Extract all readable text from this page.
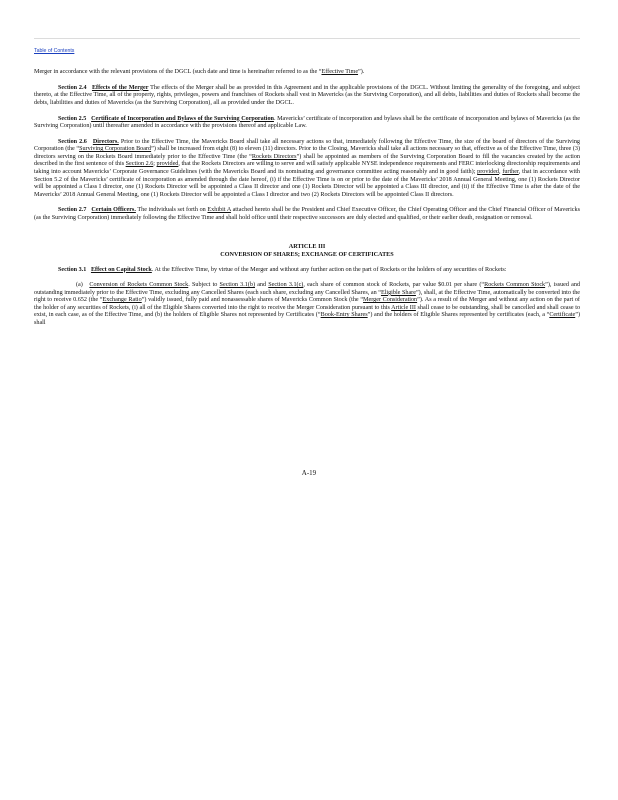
Table of Contents

Merger in accordance with the relevant provisions of the DGCL (such date and time is hereinafter referred to as the “Effective Time”).

Section 2.4 Effects of the Merger The effects of the Merger shall be as provided in this Agreement and in the applicable provisions of the DGCL. Without limiting the generality of the foregoing, and subject thereto, at the Effective Time, all of the property, rights, privileges, powers and franchises of Rockets shall vest in Mavericks (as the Surviving Corporation), and all debts, liabilities and duties of Rockets shall become the debts, liabilities and duties of Mavericks (as the Surviving Corporation), all as provided under the DGCL.

Section 2.5 Certificate of Incorporation and Bylaws of the Surviving Corporation. Mavericks’ certificate of incorporation and bylaws shall be the certificate of incorporation and bylaws of Mavericks (as the Surviving Corporation) until thereafter amended in accordance with the provisions thereof and applicable Law.

Section 2.6 Directors. Prior to the Effective Time, the Mavericks Board shall take all necessary actions so that, immediately following the Effective Time, the size of the board of directors of the Surviving Corporation (the “Surviving Corporation Board”) shall be increased from eight (8) to eleven (11) directors. Prior to the Closing, Mavericks shall take all actions necessary so that, effective as of the Effective Time, three (3) directors serving on the Rockets Board immediately prior to the Effective Time (the “Rockets Directors”) shall be appointed as members of the Surviving Corporation Board to fill the vacancies created by the action described in the first sentence of this Section 2.6; provided, that the Rockets Directors are willing to serve and will satisfy applicable NYSE independence requirements and FERC interlocking directorship requirements and taking into account Mavericks’ Corporate Governance Guidelines (with the Mavericks Board and its nominating and governance committee acting reasonably and in good faith); provided, further, that in accordance with Section 5.2 of the Mavericks’ certificate of incorporation as amended through the date hereof, (i) if the Effective Time is on or prior to the date of the Mavericks’ 2018 Annual General Meeting, one (1) Rockets Director will be appointed a Class I director, one (1) Rockets Director will be appointed a Class II director and one (1) Rockets Director will be appointed a Class III director, and (ii) if the Effective Time is after the date of the Mavericks’ 2018 Annual General Meeting, one (1) Rockets Director will be appointed a Class I director and two (2) Rockets Directors will be appointed Class II directors.

Section 2.7 Certain Officers. The individuals set forth on Exhibit A attached hereto shall be the President and Chief Executive Officer, the Chief Operating Officer and the Chief Financial Officer of Mavericks (as the Surviving Corporation) immediately following the Effective Time and shall hold office until their respective successors are duly elected and qualified, or their earlier death, resignation or removal.

ARTICLE III
CONVERSION OF SHARES; EXCHANGE OF CERTIFICATES

Section 3.1 Effect on Capital Stock. At the Effective Time, by virtue of the Merger and without any further action on the part of Rockets or the holders of any securities of Rockets:

(a) Conversion of Rockets Common Stock. Subject to Section 3.1(b) and Section 3.1(c), each share of common stock of Rockets, par value $0.01 per share (“Rockets Common Stock”), issued and outstanding immediately prior to the Effective Time, excluding any Cancelled Shares (each such share, excluding any Cancelled Shares, an “Eligible Share”), shall, at the Effective Time, automatically be converted into the right to receive 0.652 (the “Exchange Ratio”) validly issued, fully paid and nonassessable shares of Mavericks Common Stock (the “Merger Consideration”). As a result of the Merger and without any action on the part of the holder of any securities of Rockets, (i) all of the Eligible Shares converted into the right to receive the Merger Consideration pursuant to this Article III shall cease to be outstanding, shall be cancelled and shall cease to exist, in each case, as of the Effective Time, and (b) the holders of Eligible Shares not represented by Certificates (“Book-Entry Shares”) and the holders of Eligible Shares represented by certificates (each, a “Certificate”) shall

A-19
